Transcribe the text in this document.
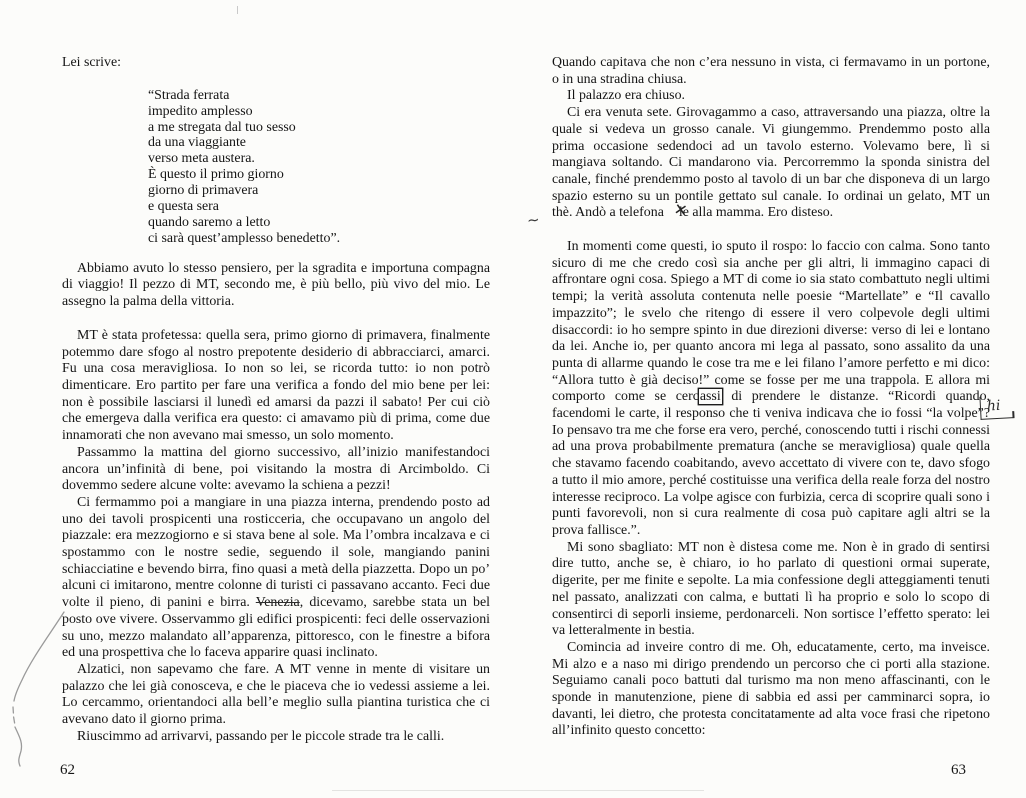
Lei scrive:

“Strada ferrata
impedito amplesso
a me stregata dal tuo sesso
da una viaggiante
verso meta austera.
È questo il primo giorno
giorno di primavera
e questa sera
quando saremo a letto
ci sarà quest’amplesso benedetto”.

Abbiamo avuto lo stesso pensiero, per la sgradita e importuna compagna di viaggio! Il pezzo di MT, secondo me, è più bello, più vivo del mio. Le assegno la palma della vittoria.

MT è stata profetessa: quella sera, primo giorno di primavera, finalmente potemmo dare sfogo al nostro prepotente desiderio di abbracciarci, amarci. Fu una cosa meravigliosa. Io non so lei, se ricorda tutto: io non potrò dimenticare. Ero partito per fare una verifica a fondo del mio bene per lei: non è possibile lasciarsi il lunedì ed amarsi da pazzi il sabato! Per cui ciò che emergeva dalla verifica era questo: ci amavamo più di prima, come due innamorati che non avevano mai smesso, un solo momento.

Passammo la mattina del giorno successivo, all’inizio manifestandoci ancora un’infinità di bene, poi visitando la mostra di Arcimboldo. Ci dovemmo sedere alcune volte: avevamo la schiena a pezzi!

Ci fermammo poi a mangiare in una piazza interna, prendendo posto ad uno dei tavoli prospicenti una rosticceria, che occupavano un angolo del piazzale: era mezzogiorno e si stava bene al sole. Ma l’ombra incalzava e ci spostammo con le nostre sedie, seguendo il sole, mangiando panini schiacciatine e bevendo birra, fino quasi a metà della piazzetta. Dopo un po’ alcuni ci imitarono, mentre colonne di turisti ci passavano accanto. Feci due volte il pieno, di panini e birra. Venezia, dicevamo, sarebbe stata un bel posto ove vivere. Osservammo gli edifici prospicenti: feci delle osservazioni su uno, mezzo malandato all’apparenza, pittoresco, con le finestre a bifora ed una prospettiva che lo faceva apparire quasi inclinato.

Alzatici, non sapevamo che fare. A MT venne in mente di visitare un palazzo che lei già conosceva, e che le piaceva che io vedessi assieme a lei. Lo cercammo, orientandoci alla bell’e meglio sulla piantina turistica che ci avevano dato il giorno prima.

Riuscimmo ad arrivarvi, passando per le piccole strade tra le calli.

Quando capitava che non c’era nessuno in vista, ci fermavamo in un portone, o in una stradina chiusa.

Il palazzo era chiuso.

Ci era venuta sete. Girovagammo a caso, attraversando una piazza, oltre la quale si vedeva un grosso canale. Vi giungemmo. Prendemmo posto alla prima occasione sedendoci ad un tavolo esterno. Volevamo bere, lì si mangiava soltando. Ci mandarono via. Percorremmo la sponda sinistra del canale, finché prendemmo posto al tavolo di un bar che disponeva di un largo spazio esterno su un pontile gettato sul canale. Io ordinai un gelato, MT un thè. Andò a telefona l ✕e alla mamma. Ero disteso.

In momenti come questi, io sputo il rospo: lo faccio con calma. Sono tanto sicuro di me che credo così sia anche per gli altri, li immagino capaci di affrontare ogni cosa. Spiego a MT di come io sia stato combattuto negli ultimi tempi; la verità assoluta contenuta nelle poesie “Martellate” e “Il cavallo impazzito”; le svelo che ritengo di essere il vero colpevole degli ultimi disaccordi: io ho sempre spinto in due direzioni diverse: verso di lei e lontano da lei. Anche io, per quanto ancora mi lega al passato, sono assalito da una punta di allarme quando le cose tra me e lei filano l’amore perfetto e mi dico: “Allora tutto è già deciso!” come se fosse per me una trappola. E allora mi comporto come se cercassi di prendere le distanze. “Ricordi quando, facendomi le carte, il responso che ti veniva indicava che io fossi “la volpe”? Io pensavo tra me che forse era vero, perché, conoscendo tutti i rischi connessi ad una prova probabilmente prematura (anche se meravigliosa) quale quella che stavamo facendo coabitando, avevo accettato di vivere con te, davo sfogo a tutto il mio amore, perché costituisse una verifica della reale forza del nostro interesse reciproco. La volpe agisce con furbizia, cerca di scoprire quali sono i punti favorevoli, non si cura realmente di cosa può capitare agli altri se la prova fallisce.”.

Mi sono sbagliato: MT non è distesa come me. Non è in grado di sentirsi dire tutto, anche se, è chiaro, io ho parlato di questioni ormai superate, digerite, per me finite e sepolte. La mia confessione degli atteggiamenti tenuti nel passato, analizzati con calma, e buttati lì ha proprio e solo lo scopo di consentirci di seporli insieme, perdonarceli. Non sortisce l’effetto sperato: lei va letteralmente in bestia.

Comincia ad inveire contro di me. Oh, educatamente, certo, ma inveisce. Mi alzo e a naso mi dirigo prendendo un percorso che ci porti alla stazione. Seguiamo canali poco battuti dal turismo ma non meno affascinanti, con le sponde in manutenzione, piene di sabbia ed assi per camminarci sopra, io davanti, lei dietro, che protesta concitatamente ad alta voce frasi che ripetono all’infinito questo concetto:

62	63
∼
hi
